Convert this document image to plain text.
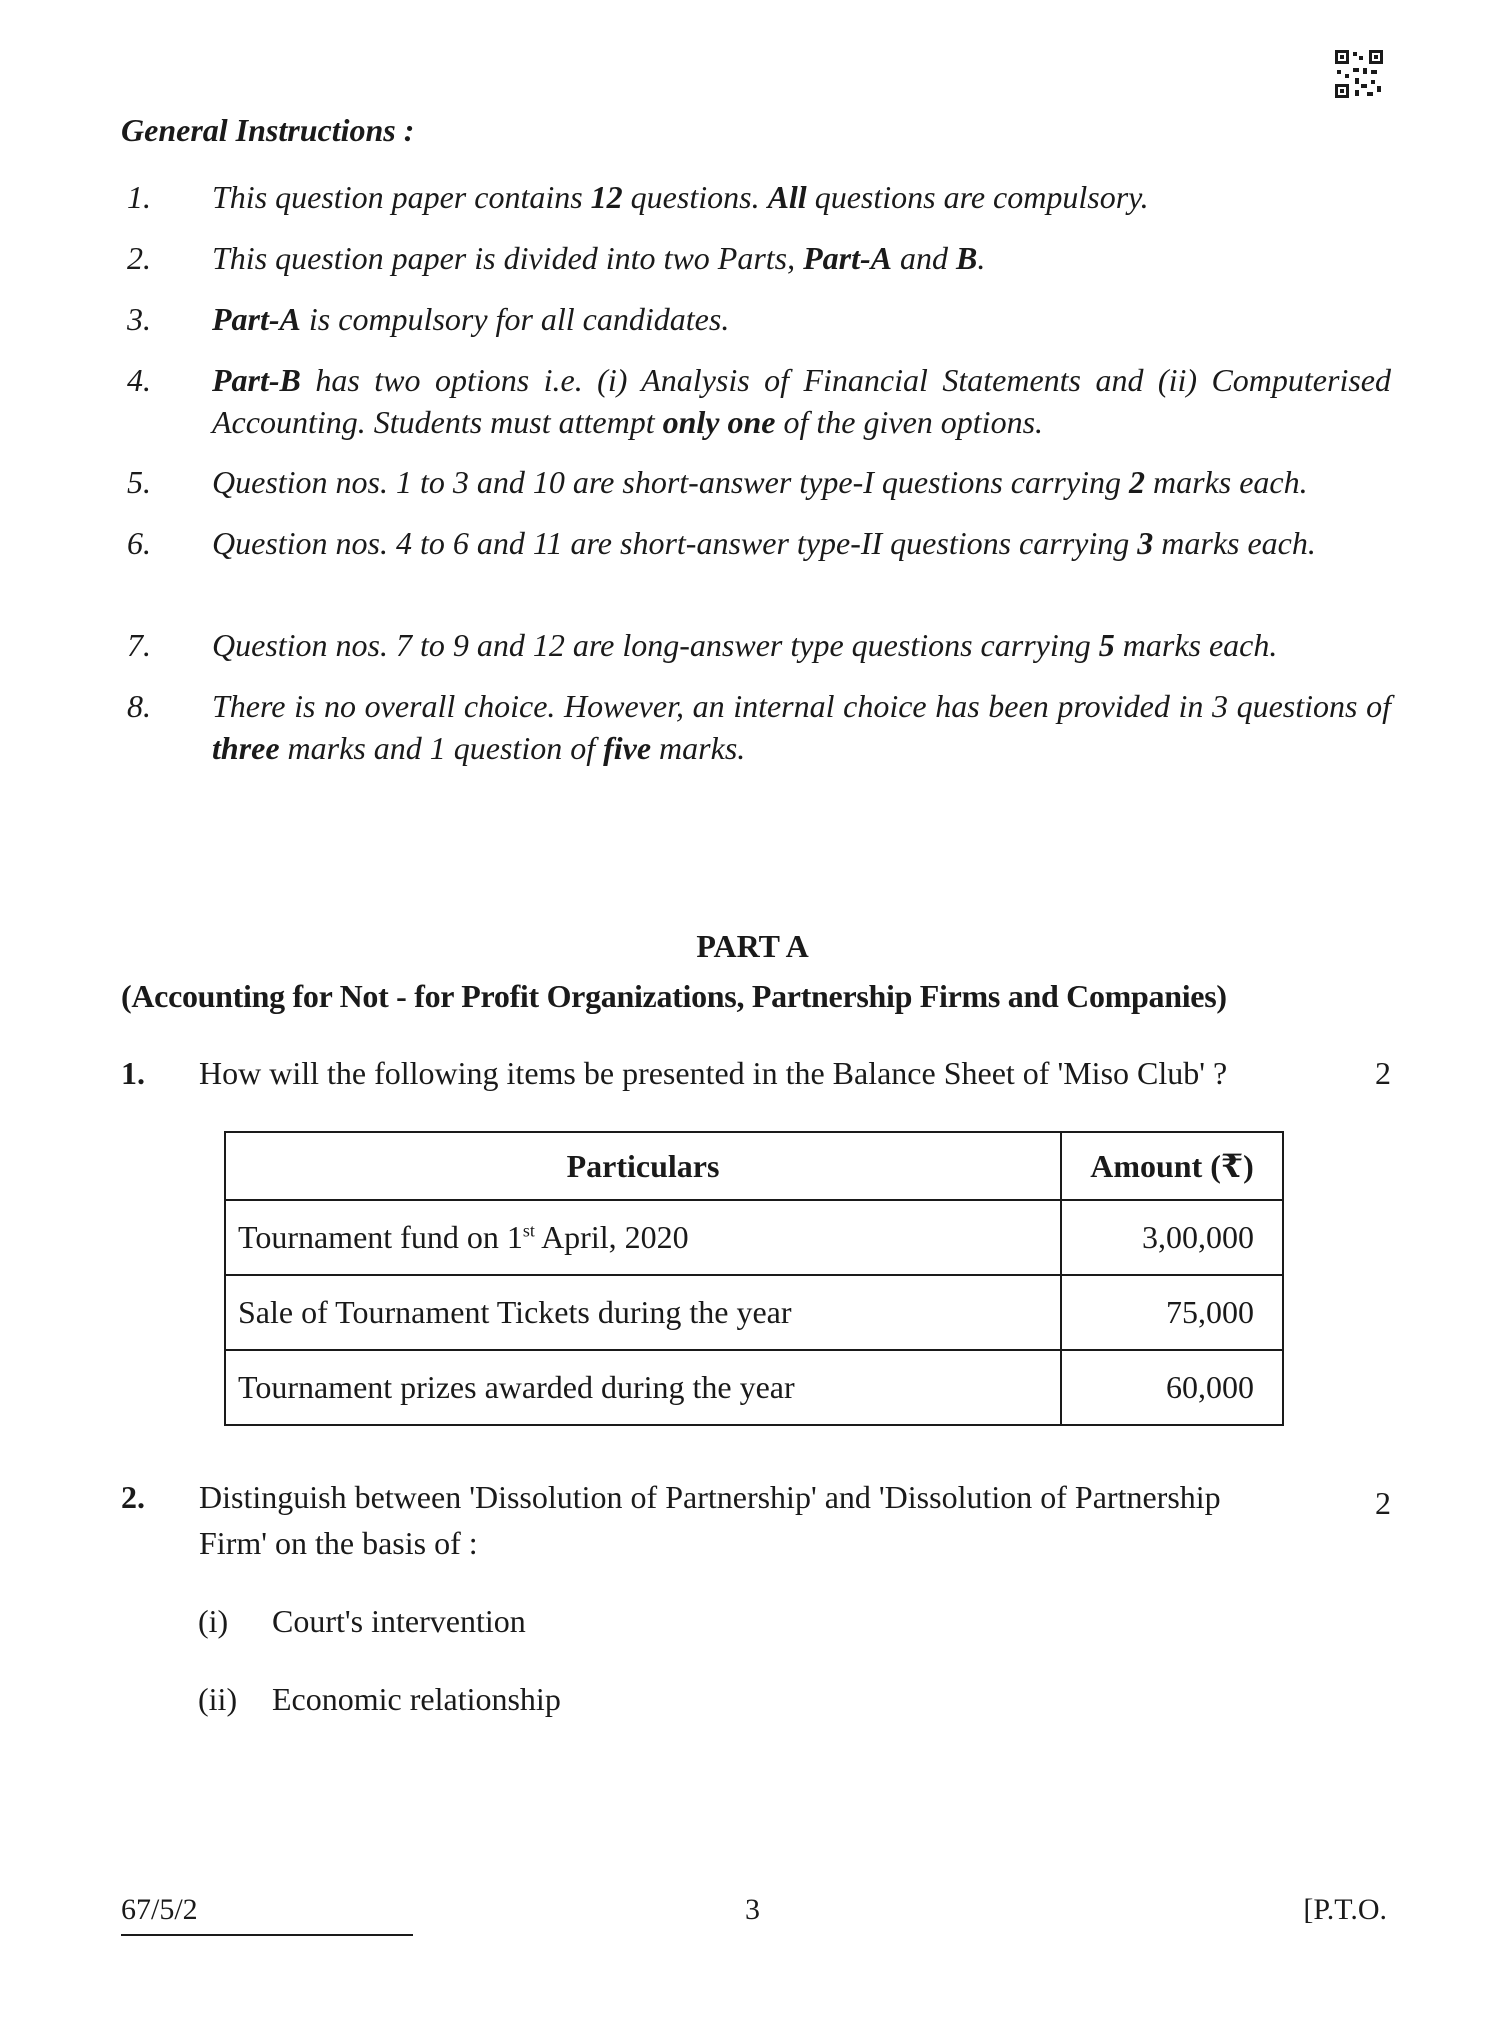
General Instructions :
1. This question paper contains 12 questions. All questions are compulsory.
2. This question paper is divided into two Parts, Part-A and B.
3. Part-A is compulsory for all candidates.
4. Part-B has two options i.e. (i) Analysis of Financial Statements and (ii) Computerised Accounting. Students must attempt only one of the given options.
5. Question nos. 1 to 3 and 10 are short-answer type-I questions carrying 2 marks each.
6. Question nos. 4 to 6 and 11 are short-answer type-II questions carrying 3 marks each.
7. Question nos. 7 to 9 and 12 are long-answer type questions carrying 5 marks each.
8. There is no overall choice. However, an internal choice has been provided in 3 questions of three marks and 1 question of five marks.
PART A
(Accounting for Not - for Profit Organizations, Partnership Firms and Companies)
1. How will the following items be presented in the Balance Sheet of 'Miso Club' ?	2
Particulars	Amount (₹)
Tournament fund on 1st April, 2020	3,00,000
Sale of Tournament Tickets during the year	75,000
Tournament prizes awarded during the year	60,000
2. Distinguish between 'Dissolution of Partnership' and 'Dissolution of Partnership Firm' on the basis of :
2
(i) Court's intervention
(ii) Economic relationship
67/5/2	3	[P.T.O.
